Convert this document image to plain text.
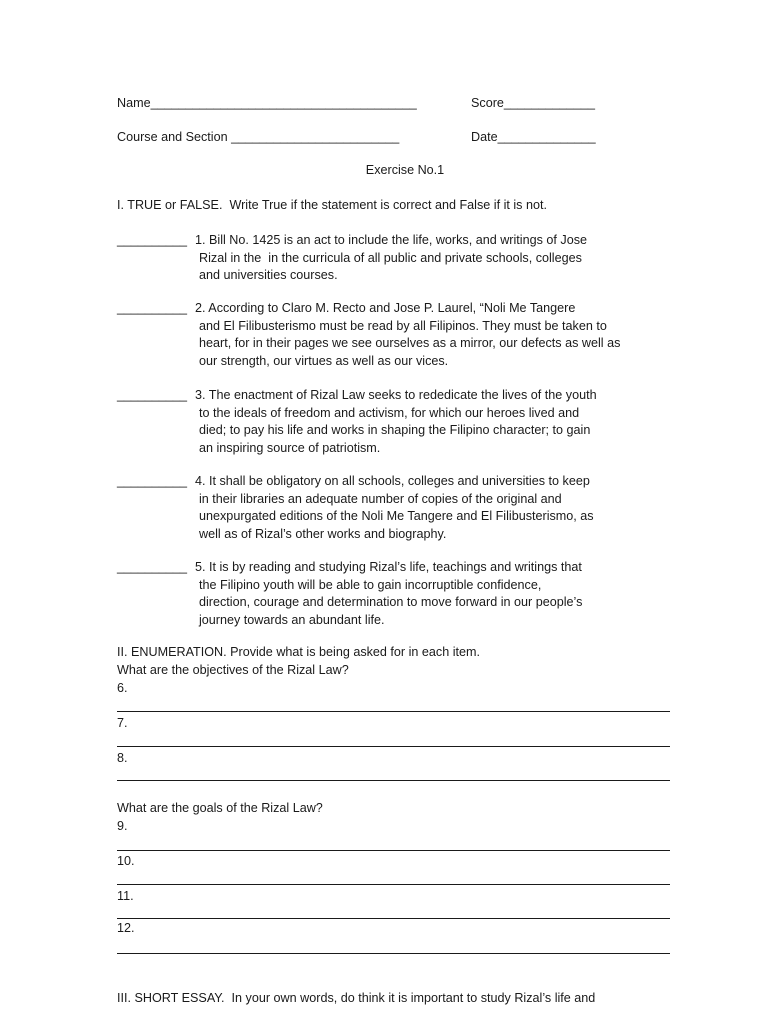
Name______________________________________	Score_____________
Course and Section ________________________	Date______________
Exercise No.1
I. TRUE or FALSE.  Write True if the statement is correct and False if it is not.
__________ 1. Bill No. 1425 is an act to include the life, works, and writings of Jose
Rizal in the  in the curricula of all public and private schools, colleges
and universities courses.
__________ 2. According to Claro M. Recto and Jose P. Laurel, “Noli Me Tangere
and El Filibusterismo must be read by all Filipinos. They must be taken to
heart, for in their pages we see ourselves as a mirror, our defects as well as
our strength, our virtues as well as our vices.
__________ 3. The enactment of Rizal Law seeks to rededicate the lives of the youth
to the ideals of freedom and activism, for which our heroes lived and
died; to pay his life and works in shaping the Filipino character; to gain
an inspiring source of patriotism.
__________ 4. It shall be obligatory on all schools, colleges and universities to keep
in their libraries an adequate number of copies of the original and
unexpurgated editions of the Noli Me Tangere and El Filibusterismo, as
well as of Rizal’s other works and biography.
__________ 5. It is by reading and studying Rizal’s life, teachings and writings that
the Filipino youth will be able to gain incorruptible confidence,
direction, courage and determination to move forward in our people’s
journey towards an abundant life.
II. ENUMERATION. Provide what is being asked for in each item.
What are the objectives of the Rizal Law?
6.
7.
8.
What are the goals of the Rizal Law?
9.
10.
11.
12.
III. SHORT ESSAY.  In your own words, do think it is important to study Rizal’s life and
